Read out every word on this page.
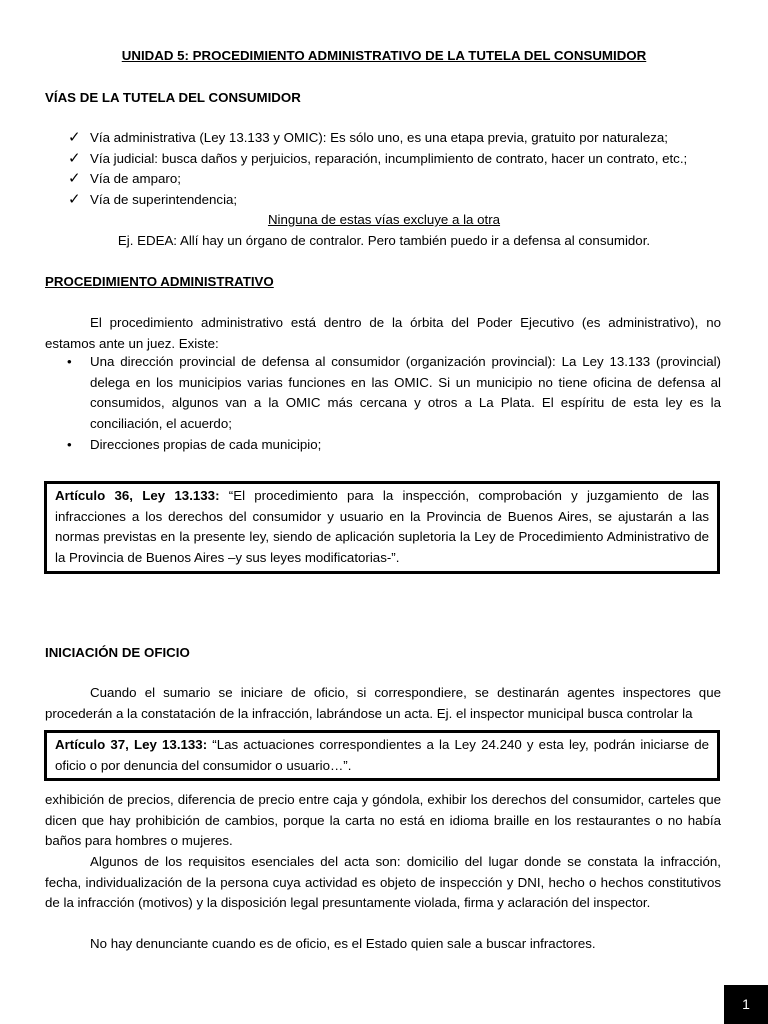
UNIDAD 5: PROCEDIMIENTO ADMINISTRATIVO DE LA TUTELA DEL CONSUMIDOR
VÍAS DE LA TUTELA DEL CONSUMIDOR
✓ Vía administrativa (Ley 13.133 y OMIC): Es sólo uno, es una etapa previa, gratuito por naturaleza;
✓ Vía judicial: busca daños y perjuicios, reparación, incumplimiento de contrato, hacer un contrato, etc.;
✓ Vía de amparo;
✓ Vía de superintendencia;

Ninguna de estas vías excluye a la otra

Ej. EDEA: Allí hay un órgano de contralor. Pero también puedo ir a defensa al consumidor.

PROCEDIMIENTO ADMINISTRATIVO

El procedimiento administrativo está dentro de la órbita del Poder Ejecutivo (es administrativo), no estamos ante un juez. Existe:

• Una dirección provincial de defensa al consumidor (organización provincial): La Ley 13.133 (provincial) delega en los municipios varias funciones en las OMIC. Si un municipio no tiene oficina de defensa al consumidos, algunos van a la OMIC más cercana y otros a La Plata. El espíritu de esta ley es la conciliación, el acuerdo;
• Direcciones propias de cada municipio;
Artículo 36, Ley 13.133: “El procedimiento para la inspección, comprobación y juzgamiento de las infracciones a los derechos del consumidor y usuario en la Provincia de Buenos Aires, se ajustarán a las normas previstas en la presente ley, siendo de aplicación supletoria la Ley de Procedimiento Administrativo de la Provincia de Buenos Aires –y sus leyes modificatorias-”.
INICIACIÓN DE OFICIO

Cuando el sumario se iniciare de oficio, si correspondiere, se destinarán agentes inspectores que procederán a la constatación de la infracción, labrándose un acta. Ej. el inspector municipal busca controlar la

Artículo 37, Ley 13.133: “Las actuaciones correspondientes a la Ley 24.240 y esta ley, podrán iniciarse de oficio o por denuncia del consumidor o usuario…”.

exhibición de precios, diferencia de precio entre caja y góndola, exhibir los derechos del consumidor, carteles que dicen que hay prohibición de cambios, porque la carta no está en idioma braille en los restaurantes o no había baños para hombres o mujeres.

Algunos de los requisitos esenciales del acta son: domicilio del lugar donde se constata la infracción, fecha, individualización de la persona cuya actividad es objeto de inspección y DNI, hecho o hechos constitutivos de la infracción (motivos) y la disposición legal presuntamente violada, firma y aclaración del inspector.

No hay denunciante cuando es de oficio, es el Estado quien sale a buscar infractores.

1
